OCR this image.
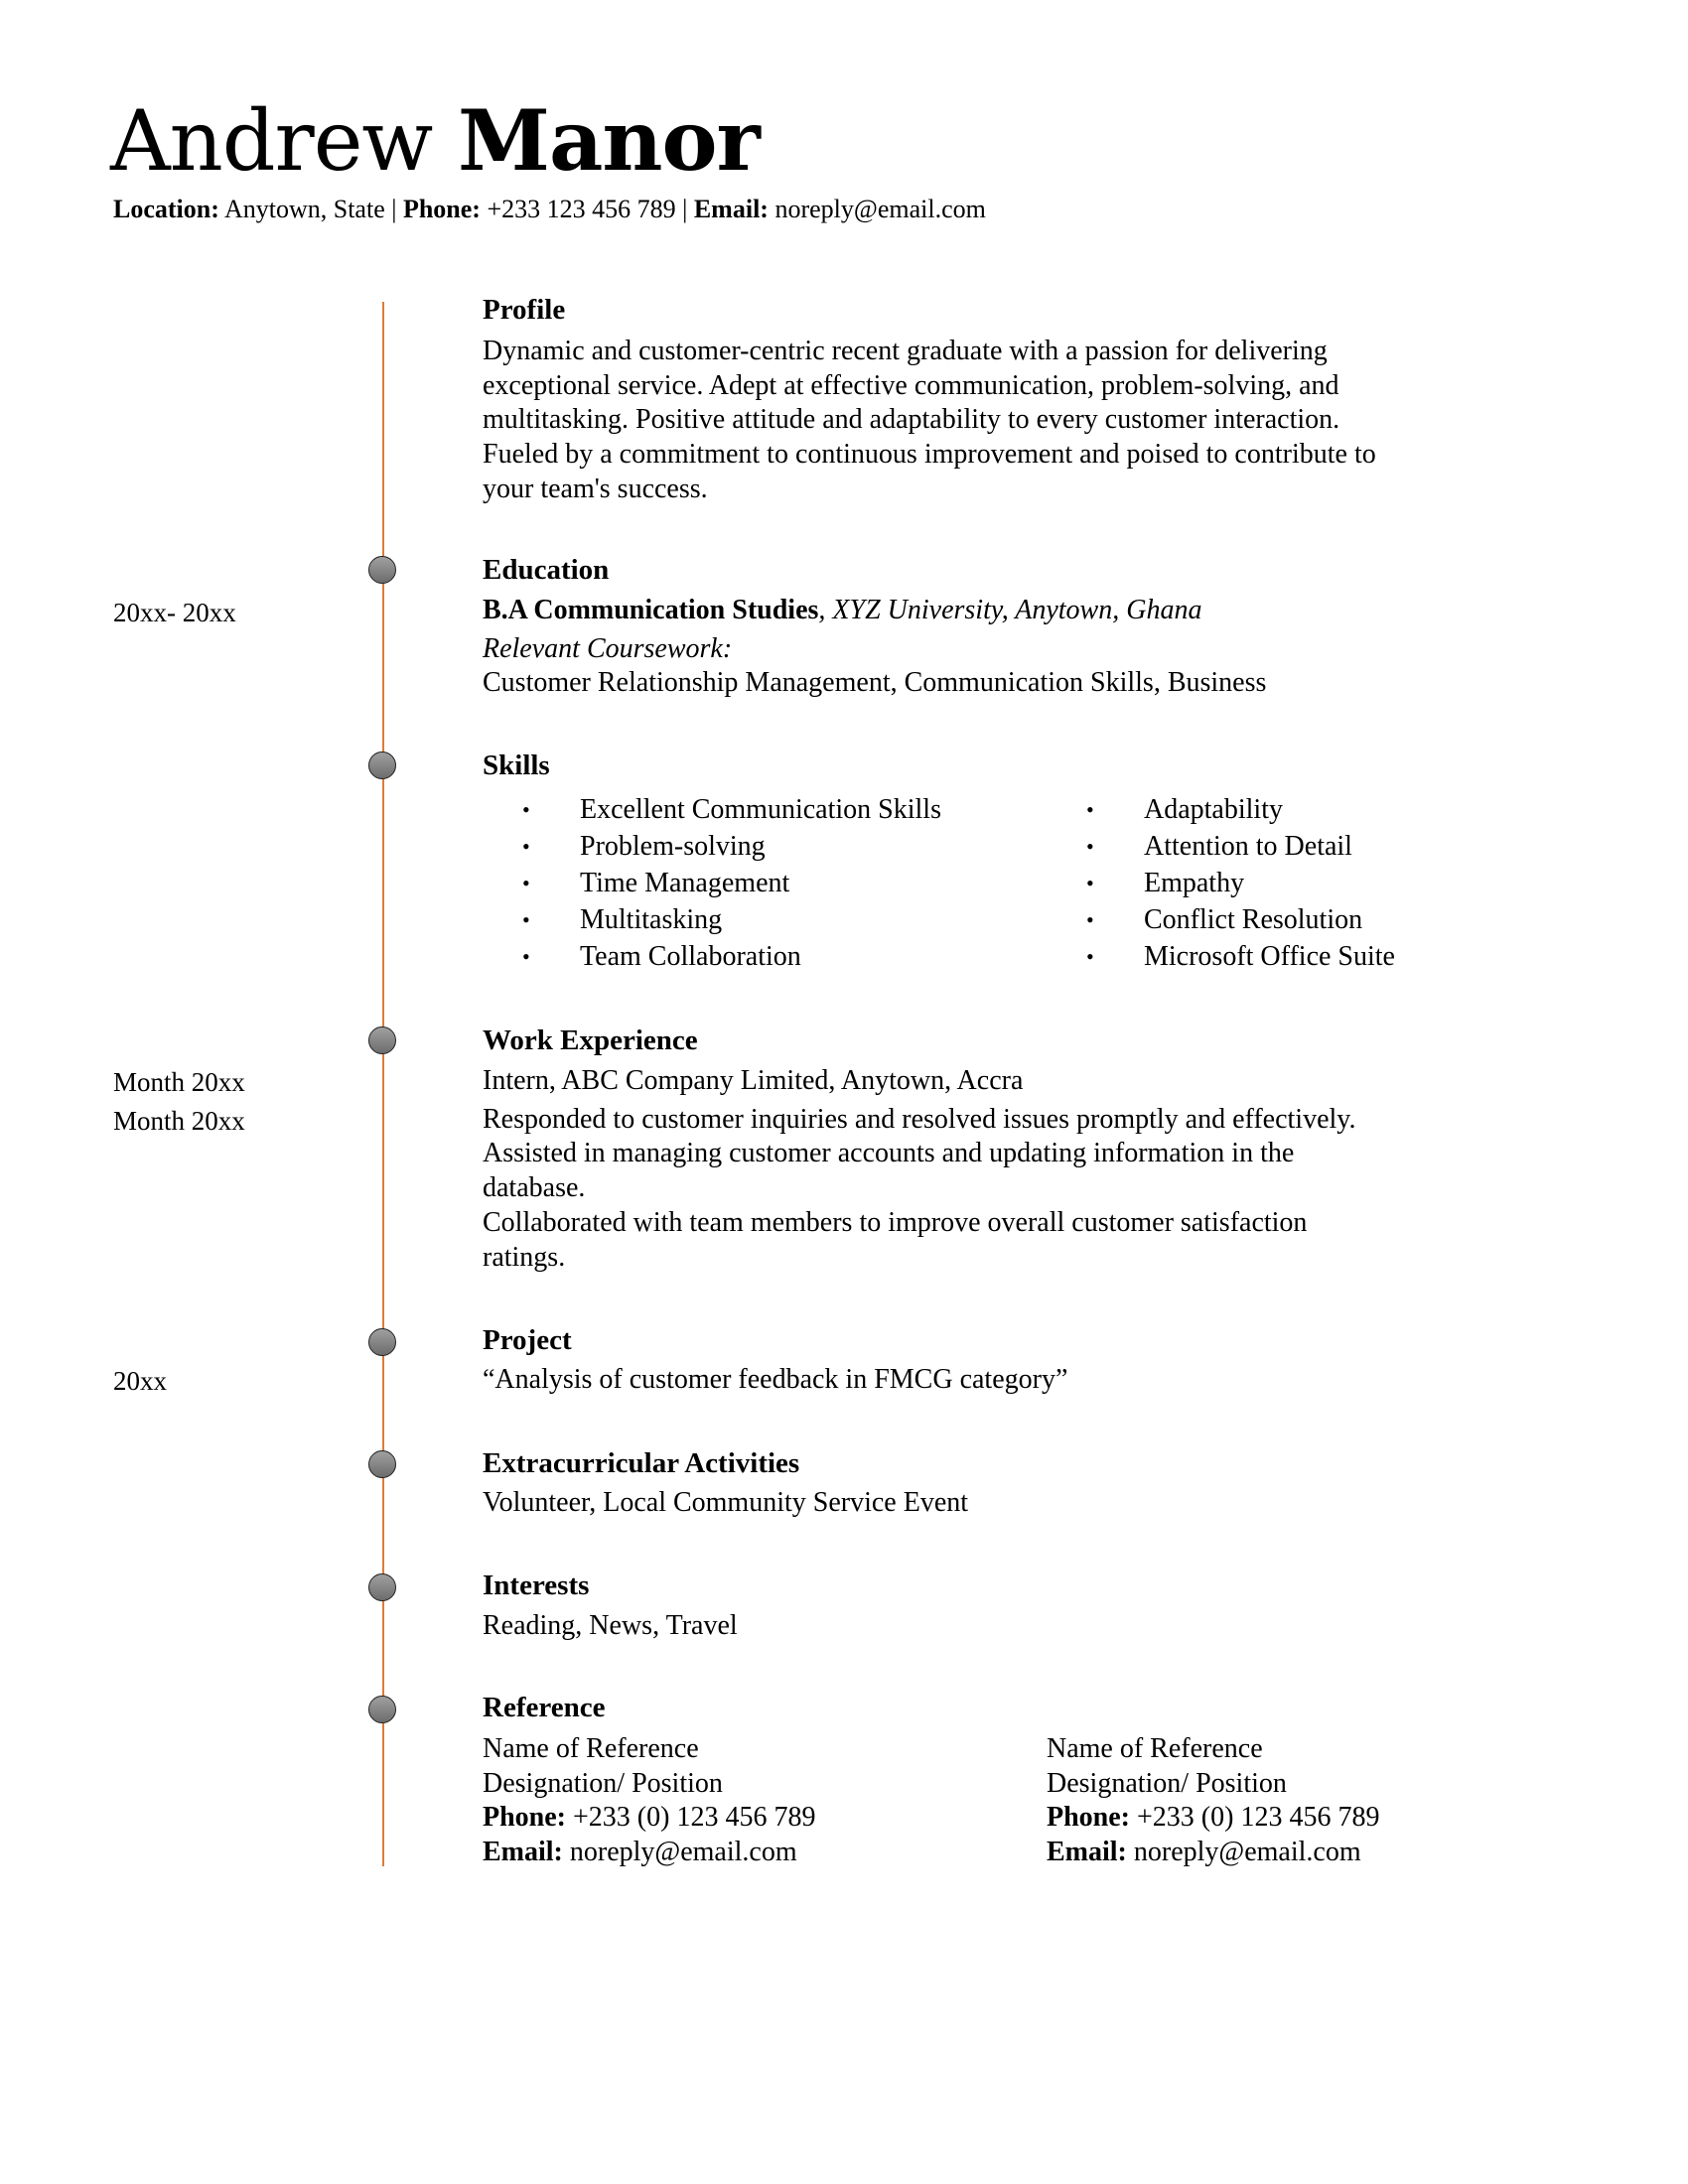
Andrew Manor
Location: Anytown, State | Phone: +233 123 456 789 | Email: noreply@email.com
Profile
Dynamic and customer-centric recent graduate with a passion for delivering
exceptional service. Adept at effective communication, problem-solving, and
multitasking. Positive attitude and adaptability to every customer interaction.
Fueled by a commitment to continuous improvement and poised to contribute to
your team's success.
Education
20xx- 20xx	B.A Communication Studies, XYZ University, Anytown, Ghana
Relevant Coursework:
Customer Relationship Management, Communication Skills, Business
Skills
• Excellent Communication Skills
• Problem-solving
• Time Management
• Multitasking
• Team Collaboration
• Adaptability
• Attention to Detail
• Empathy
• Conflict Resolution
• Microsoft Office Suite
Work Experience
Month 20xx
Month 20xx
Intern, ABC Company Limited, Anytown, Accra
Responded to customer inquiries and resolved issues promptly and effectively.
Assisted in managing customer accounts and updating information in the
database.
Collaborated with team members to improve overall customer satisfaction
ratings.
Project
20xx	“Analysis of customer feedback in FMCG category”
Extracurricular Activities
Volunteer, Local Community Service Event
Interests
Reading, News, Travel
Reference
Name of Reference
Designation/ Position
Phone: +233 (0) 123 456 789
Email: noreply@email.com
Name of Reference
Designation/ Position
Phone: +233 (0) 123 456 789
Email: noreply@email.com
